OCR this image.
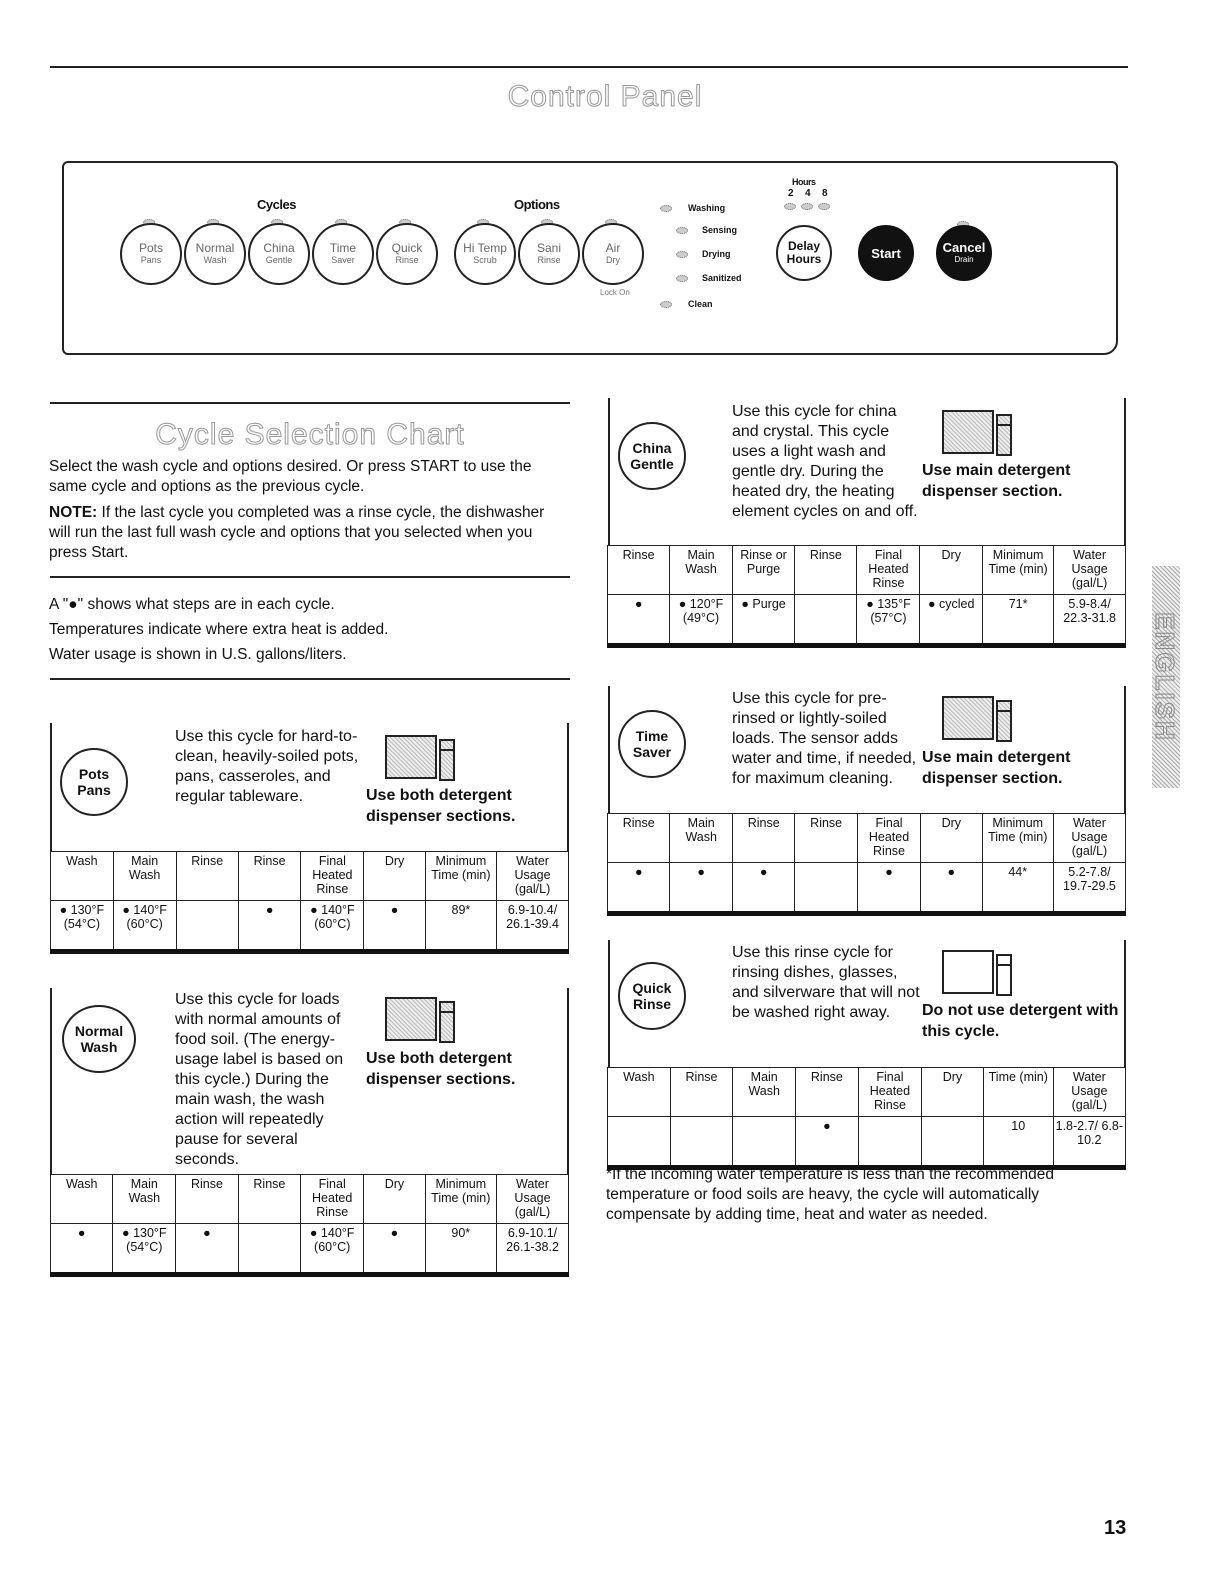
Control Panel
Cycles	Options
Hours
2 4 8
Pots
Pans
Normal
Wash
China
Gentle
Time
Saver
Quick
Rinse
Hi Temp
Scrub
Sani
Rinse
Air
Dry
Lock On
Washing
Sensing
Drying
Sanitized
Clean
Delay
Hours	Start	Cancel
Drain
Cycle Selection Chart
Select the wash cycle and options desired. Or press START to use the same cycle and options as the previous cycle.
NOTE: If the last cycle you completed was a rinse cycle, the dishwasher will run the last full wash cycle and options that you selected when you press Start.
A "●" shows what steps are in each cycle.
Temperatures indicate where extra heat is added.
Water usage is shown in U.S. gallons/liters.
Pots
Pans
Use this cycle for hard-to-clean, heavily-soiled pots, pans, casseroles, and regular tableware.	Use both detergent dispenser sections.
Wash	Main Wash	Rinse	Rinse	Final Heated Rinse	Dry	Minimum Time (min)	Water Usage (gal/L)
● 130°F (54°C)	● 140°F (60°C)		●	● 140°F (60°C)	●	89*	6.9-10.4/ 26.1-39.4
Normal
Wash
Use this cycle for loads with normal amounts of food soil. (The energy-usage label is based on this cycle.) During the main wash, the wash action will repeatedly pause for several seconds.
Use both detergent dispenser sections.
Wash	Main Wash	Rinse	Rinse	Final Heated Rinse	Dry	Minimum Time (min)	Water Usage (gal/L)
●	● 130°F (54°C)	●		● 140°F (60°C)	●	90*	6.9-10.1/ 26.1-38.2
China
Gentle
Use this cycle for china and crystal. This cycle uses a light wash and gentle dry. During the heated dry, the heating element cycles on and off.
Use main detergent dispenser section.
Rinse	Main Wash	Rinse or Purge	Rinse	Final Heated Rinse	Dry	Minimum Time (min)	Water Usage (gal/L)
●	● 120°F (49°C)	● Purge		● 135°F (57°C)	● cycled	71*	5.9-8.4/ 22.3-31.8
Time
Saver
Use this cycle for pre-rinsed or lightly-soiled loads. The sensor adds water and time, if needed, for maximum cleaning.
Use main detergent dispenser section.
Rinse	Main Wash	Rinse	Rinse	Final Heated Rinse	Dry	Minimum Time (min)	Water Usage (gal/L)
●	●	●		●	●	44*	5.2-7.8/ 19.7-29.5
Quick
Rinse
Use this rinse cycle for rinsing dishes, glasses, and silverware that will not be washed right away.	Do not use detergent with this cycle.
Wash	Rinse	Main Wash	Rinse	Final Heated Rinse	Dry	Time (min)	Water Usage (gal/L)
			●			10	1.8-2.7/ 6.8-10.2
*If the incoming water temperature is less than the recommended temperature or food soils are heavy, the cycle will automatically compensate by adding time, heat and water as needed.
ENGLISH
13
